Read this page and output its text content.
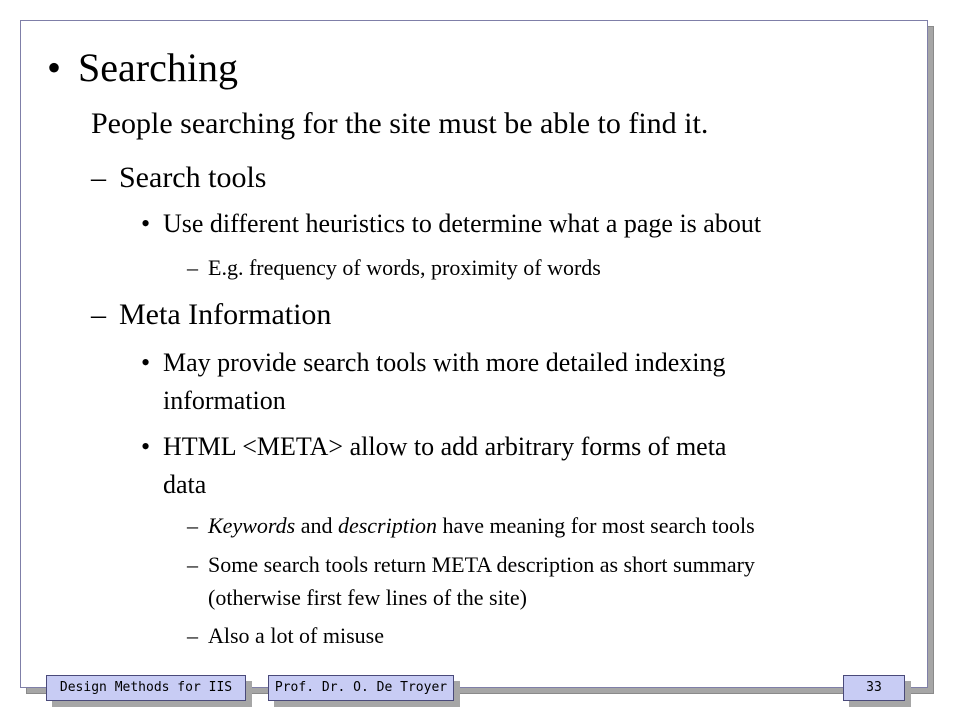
• Searching
People searching for the site must be able to find it.
– Search tools
• Use different heuristics to determine what a page is about
– E.g. frequency of words, proximity of words
– Meta Information
• May provide search tools with more detailed indexing
information
• HTML <META> allow to add arbitrary forms of meta
data
– Keywords and description have meaning for most search tools
– Some search tools return META description as short summary
(otherwise first few lines of the site)
– Also a lot of misuse
Design Methods for IIS	Prof. Dr. O. De Troyer	33
